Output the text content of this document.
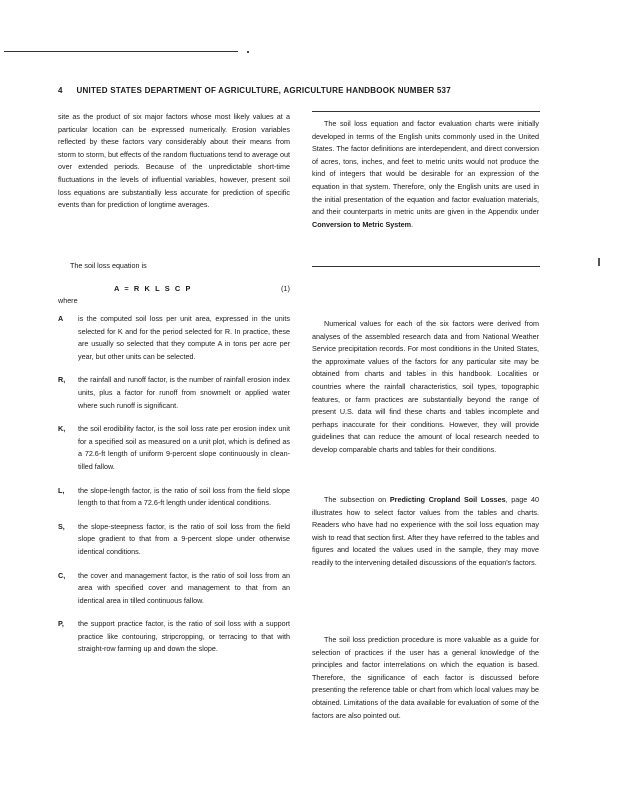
4 UNITED STATES DEPARTMENT OF AGRICULTURE, AGRICULTURE HANDBOOK NUMBER 537

site as the product of six major factors whose most likely values at a particular location can be expressed numerically. Erosion variables reflected by these factors vary considerably about their means from storm to storm, but effects of the random fluctuations tend to average out over extended periods. Because of the unpredictable short-time fluctuations in the levels of influential variables, however, present soil loss equations are substantially less accurate for prediction of specific events than for prediction of longtime averages.

The soil loss equation is

A = R K L S C P	(1)
where

A is the computed soil loss per unit area, expressed in the units selected for K and for the period selected for R. In practice, these are usually so selected that they compute A in tons per acre per year, but other units can be selected.

R, the rainfall and runoff factor, is the number of rainfall erosion index units, plus a factor for runoff from snowmelt or applied water where such runoff is significant.

K, the soil erodibility factor, is the soil loss rate per erosion index unit for a specified soil as measured on a unit plot, which is defined as a 72.6-ft length of uniform 9-percent slope continuously in clean-tilled fallow.

L, the slope-length factor, is the ratio of soil loss from the field slope length to that from a 72.6-ft length under identical conditions.

S, the slope-steepness factor, is the ratio of soil loss from the field slope gradient to that from a 9-percent slope under otherwise identical conditions.

C, the cover and management factor, is the ratio of soil loss from an area with specified cover and management to that from an identical area in tilled continuous fallow.

P, the support practice factor, is the ratio of soil loss with a support practice like contouring, stripcropping, or terracing to that with straight-row farming up and down the slope.

The soil loss equation and factor evaluation charts were initially developed in terms of the English units commonly used in the United States. The factor definitions are interdependent, and direct conversion of acres, tons, inches, and feet to metric units would not produce the kind of integers that would be desirable for an expression of the equation in that system. Therefore, only the English units are used in the initial presentation of the equation and factor evaluation materials, and their counterparts in metric units are given in the Appendix under Conversion to Metric System.

Numerical values for each of the six factors were derived from analyses of the assembled research data and from National Weather Service precipitation records. For most conditions in the United States, the approximate values of the factors for any particular site may be obtained from charts and tables in this handbook. Localities or countries where the rainfall characteristics, soil types, topographic features, or farm practices are substantially beyond the range of present U.S. data will find these charts and tables incomplete and perhaps inaccurate for their conditions. However, they will provide guidelines that can reduce the amount of local research needed to develop comparable charts and tables for their conditions.

The subsection on Predicting Cropland Soil Losses, page 40 illustrates how to select factor values from the tables and charts. Readers who have had no experience with the soil loss equation may wish to read that section first. After they have referred to the tables and figures and located the values used in the sample, they may move readily to the intervening detailed discussions of the equation's factors.

The soil loss prediction procedure is more valuable as a guide for selection of practices if the user has a general knowledge of the principles and factor interrelations on which the equation is based. Therefore, the significance of each factor is discussed before presenting the reference table or chart from which local values may be obtained. Limitations of the data available for evaluation of some of the factors are also pointed out.
